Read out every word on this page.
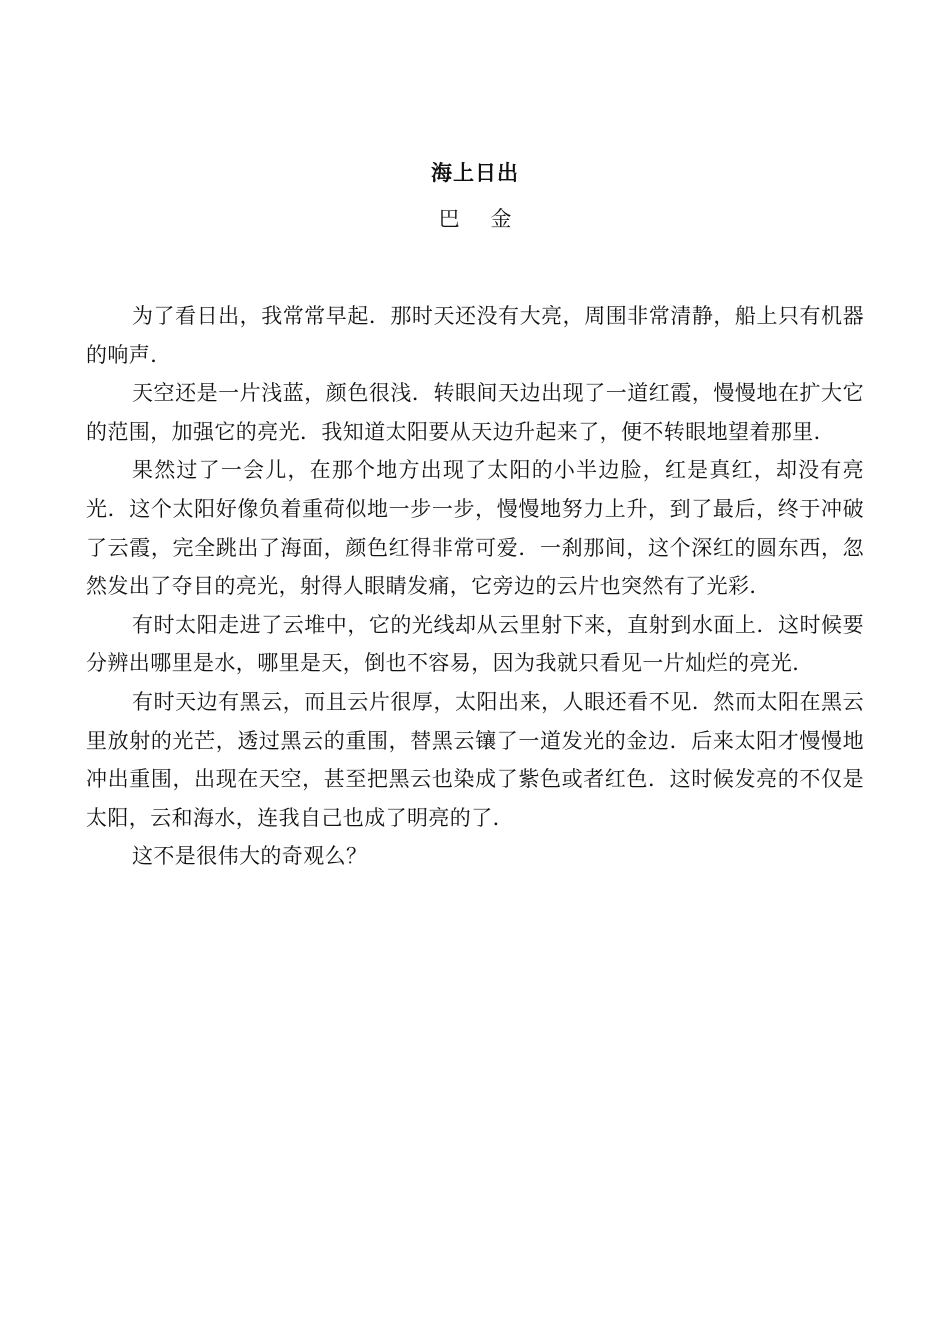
海上日出
巴 金

为了看日出，我常常早起．那时天还没有大亮，周围非常清静，船上只有机器的响声．

天空还是一片浅蓝，颜色很浅．转眼间天边出现了一道红霞，慢慢地在扩大它的范围，加强它的亮光．我知道太阳要从天边升起来了，便不转眼地望着那里．

果然过了一会儿，在那个地方出现了太阳的小半边脸，红是真红，却没有亮光．这个太阳好像负着重荷似地一步一步，慢慢地努力上升，到了最后，终于冲破了云霞，完全跳出了海面，颜色红得非常可爱．一刹那间，这个深红的圆东西，忽然发出了夺目的亮光，射得人眼睛发痛，它旁边的云片也突然有了光彩．

有时太阳走进了云堆中，它的光线却从云里射下来，直射到水面上．这时候要分辨出哪里是水，哪里是天，倒也不容易，因为我就只看见一片灿烂的亮光．

有时天边有黑云，而且云片很厚，太阳出来，人眼还看不见．然而太阳在黑云里放射的光芒，透过黑云的重围，替黑云镶了一道发光的金边．后来太阳才慢慢地冲出重围，出现在天空，甚至把黑云也染成了紫色或者红色．这时候发亮的不仅是太阳，云和海水，连我自己也成了明亮的了．

这不是很伟大的奇观么？
